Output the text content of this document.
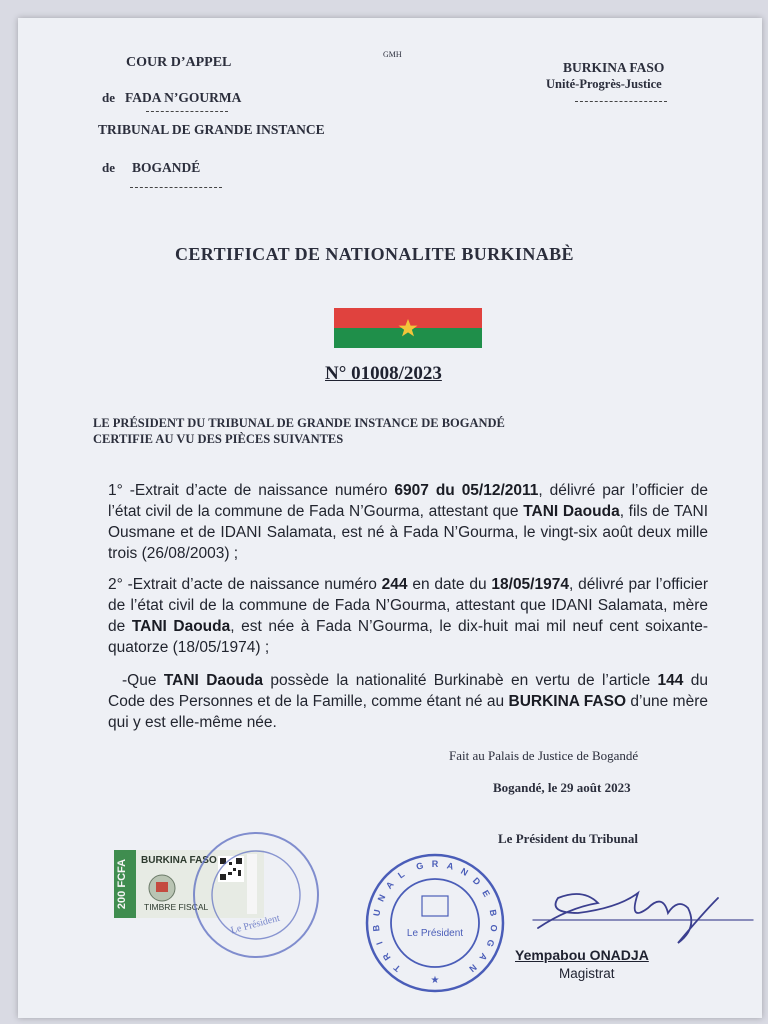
COUR D’APPEL
de FADA N’GOURMA
TRIBUNAL DE GRANDE INSTANCE
de BOGANDÉ
GMH
BURKINA FASO
Unité-Progrès-Justice
CERTIFICAT DE NATIONALITE BURKINABÈ
N° 01008/2023
LE PRÉSIDENT DU TRIBUNAL DE GRANDE INSTANCE DE BOGANDÉ
CERTIFIE AU VU DES PIÈCES SUIVANTES
1° -Extrait d’acte de naissance numéro 6907 du 05/12/2011, délivré par l’officier de l’état civil de la commune de Fada N’Gourma, attestant que TANI Daouda, fils de TANI Ousmane et de IDANI Salamata, est né à Fada N’Gourma, le vingt-six août deux mille trois (26/08/2003) ;
2° -Extrait d’acte de naissance numéro 244 en date du 18/05/1974, délivré par l’officier de l’état civil de la commune de Fada N’Gourma, attestant que IDANI Salamata, mère de TANI Daouda, est née à Fada N’Gourma, le dix-huit mai mil neuf cent soixante-quatorze (18/05/1974) ;
-Que TANI Daouda possède la nationalité Burkinabè en vertu de l’article 144 du Code des Personnes et de la Famille, comme étant né au BURKINA FASO d’une mère qui y est elle-même née.
Fait au Palais de Justice de Bogandé
Bogandé, le 29 août 2023
Le Président du Tribunal
200 FCFA BURKINA FASO
TIMBRE FISCAL
Le Président
T
R
I
B
U
N
A
L
G R A N
D
E
B
O
G
A
N
Le Président
★
Yempabou ONADJA
Magistrat
